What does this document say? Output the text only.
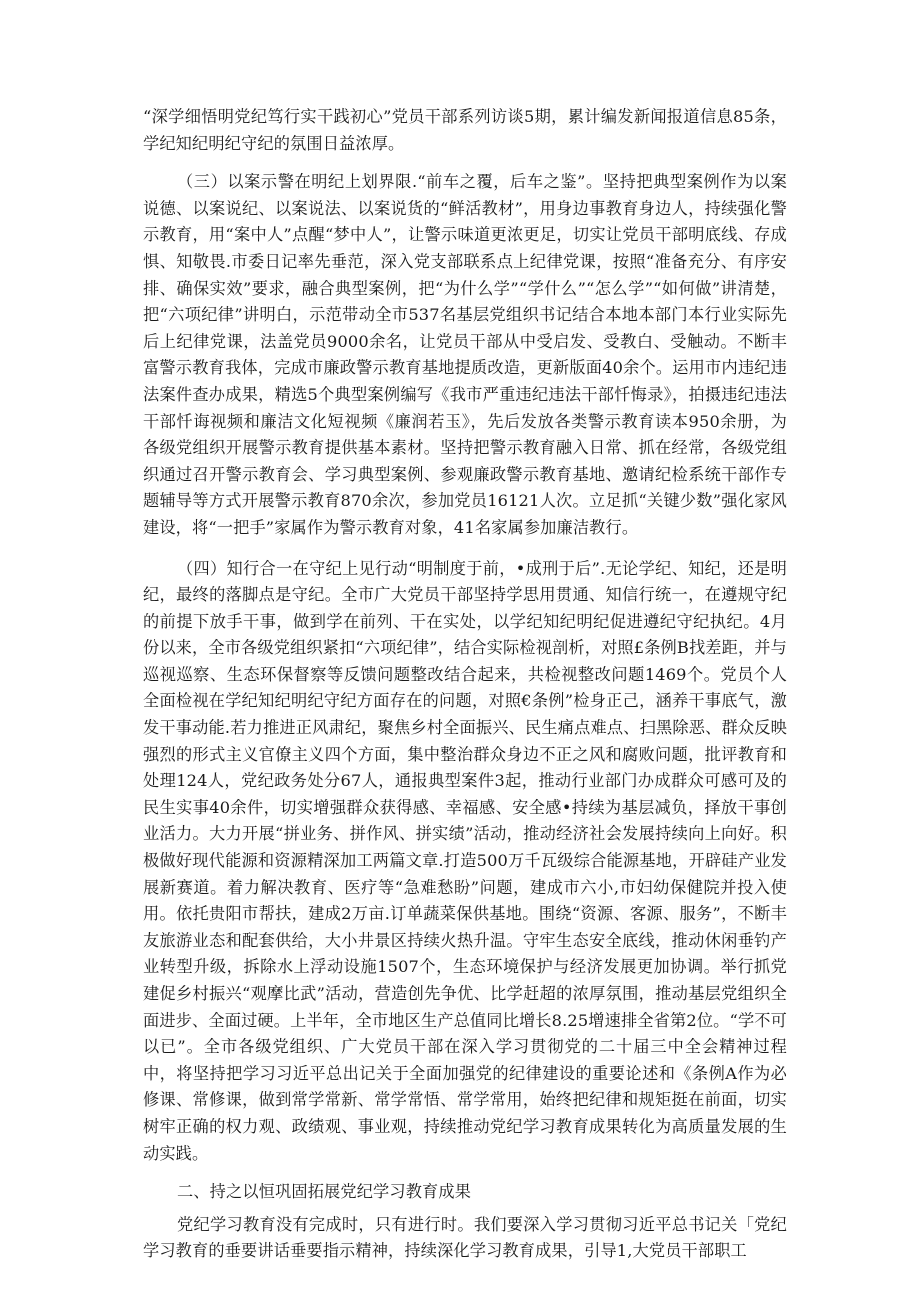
“深学细悟明党纪笃行实干践初心”党员干部系列访谈5期，累计编发新闻报道信息85条，学纪知纪明纪守纪的氛围日益浓厚。

（三）以案示警在明纪上划界限.“前车之覆，后车之鉴”。坚持把典型案例作为以案说德、以案说纪、以案说法、以案说货的“鲜活教材”，用身边事教育身边人，持续强化警示教育，用“案中人”点醒“梦中人”，让警示味道更浓更足，切实让党员干部明底线、存成惧、知敬畏.市委日记率先垂范，深入党支部联系点上纪律党课，按照“准备充分、有序安排、确保实效”要求，融合典型案例，把“为什么学”“学什么”“怎么学”“如何做”讲清楚，把“六项纪律”讲明白，示范带动全市537名基层党组织书记结合本地本部门本行业实际先后上纪律党课，法盖党员9000余名，让党员干部从中受启发、受教白、受触动。不断丰富警示教育我体，完成市廉政警示教育基地提质改造，更新版面40余个。运用市内违纪违法案件查办成果，精选5个典型案例编写《我市严重违纪违法干部忏悔录》，拍摄违纪违法干部忏诲视频和廉洁文化短视频《廉润若玉》，先后发放各类警示教育读本950余册，为各级党组织开展警示教育提供基本素材。坚持把警示教育融入日常、抓在经常，各级党组织通过召开警示教育会、学习典型案例、参观廉政警示教育基地、邀请纪检系统干部作专题辅导等方式开展警示教育870余次，参加党员16121人次。立足抓“关键少数”强化家风建设，将“一把手”家属作为警示教育对象，41名家属参加廉洁教行。

（四）知行合一在守纪上见行动“明制度于前，•成刑于后”.无论学纪、知纪，还是明纪，最终的落脚点是守纪。全市广大党员干部坚持学思用贯通、知信行统一，在遵规守纪的前提下放手干事，做到学在前列、干在实处，以学纪知纪明纪促进遵纪守纪执纪。4月份以来，全市各级党组织紧扣“六项纪律”，结合实际检视剖析，对照£条例B找差距，并与巡视巡察、生态环保督察等反馈问题整改结合起来，共检视整改问题1469个。党员个人全面检视在学纪知纪明纪守纪方面存在的问题，对照€条例”检身正己，涵养干事底气，激发干事动能.若力推进正风肃纪，聚焦乡村全面振兴、民生痛点难点、扫黑除恶、群众反映强烈的形式主义官僚主义四个方面，集中整治群众身边不正之风和腐败问题，批评教育和处理124人，党纪政务处分67人，通报典型案件3起，推动行业部门办成群众可感可及的民生实事40余件，切实增强群众获得感、幸福感、安全感•持续为基层减负，择放干事创业活力。大力开展“拼业务、拼作风、拼实绩”活动，推动经济社会发展持续向上向好。积极做好现代能源和资源精深加工两篇文章.打造500万千瓦级综合能源基地，开辟硅产业发展新赛道。着力解决教育、医疗等“急难愁盼”问题，建成市六小,市妇幼保健院并投入使用。依托贵阳市帮扶，建成2万亩.订单蔬菜保供基地。围绕“资源、客源、服务”，不断丰友旅游业态和配套供给，大小井景区持续火热升温。守牢生态安全底线，推动休闲垂钓产业转型升级，拆除水上浮动设施1507个，生态环境保护与经济发展更加协调。举行抓党建促乡村振兴“观摩比武”活动，营造创先争优、比学赶超的浓厚氛围，推动基层党组织全面进步、全面过硬。上半年，全市地区生产总值同比增长8.25增速排全省第2位。“学不可以已”。全市各级党组织、广大党员干部在深入学习贯彻党的二十届三中全会精神过程中，将坚持把学习习近平总出记关于全面加强党的纪律建设的重要论述和《条例A作为必修课、常修课，做到常学常新、常学常悟、常学常用，始终把纪律和规矩挺在前面，切实树牢正确的权力观、政绩观、事业观，持续推动党纪学习教育成果转化为高质量发展的生动实践。

二、持之以恒巩固拓展党纪学习教育成果

党纪学习教育没有完成时，只有进行时。我们要深入学习贯彻习近平总书记关「党纪学习教育的垂要讲话垂要指示精神，持续深化学习教育成果，引导1,大党员干部职工
